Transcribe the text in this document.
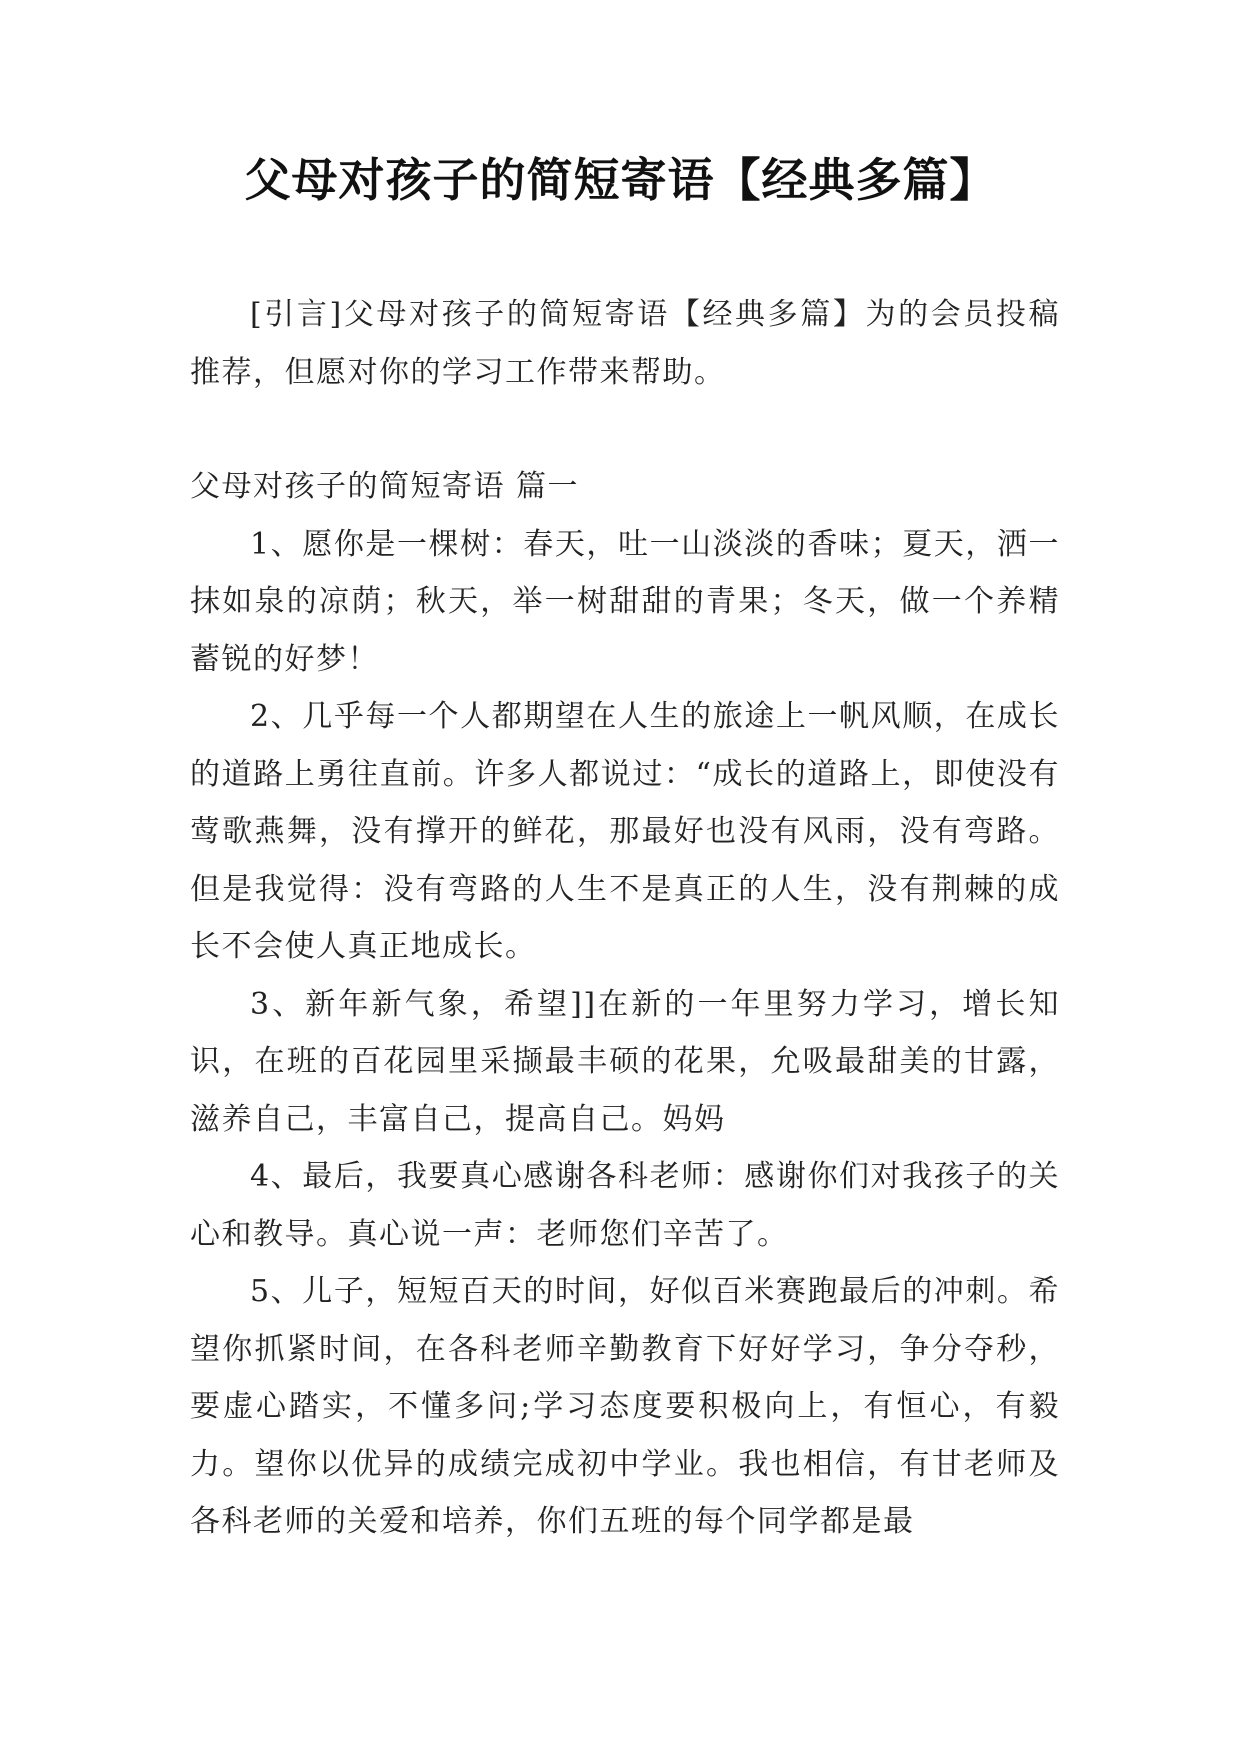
父母对孩子的简短寄语【经典多篇】

[引言]父母对孩子的简短寄语【经典多篇】为的会员投稿推荐，但愿对你的学习工作带来帮助。

父母对孩子的简短寄语 篇一

1、愿你是一棵树：春天，吐一山淡淡的香味；夏天，洒一抹如泉的凉荫；秋天，举一树甜甜的青果；冬天，做一个养精蓄锐的好梦！

2、几乎每一个人都期望在人生的旅途上一帆风顺，在成长的道路上勇往直前。许多人都说过：“成长的道路上，即使没有莺歌燕舞，没有撑开的鲜花，那最好也没有风雨，没有弯路。但是我觉得：没有弯路的人生不是真正的人生，没有荆棘的成长不会使人真正地成长。

3、新年新气象，希望]]在新的一年里努力学习，增长知识，在班的百花园里采撷最丰硕的花果，允吸最甜美的甘露，滋养自己，丰富自己，提高自己。妈妈

4、最后，我要真心感谢各科老师：感谢你们对我孩子的关心和教导。真心说一声：老师您们辛苦了。

5、儿子，短短百天的时间，好似百米赛跑最后的冲刺。希望你抓紧时间，在各科老师辛勤教育下好好学习，争分夺秒，要虚心踏实，不懂多问;学习态度要积极向上，有恒心，有毅力。望你以优异的成绩完成初中学业。我也相信，有甘老师及各科老师的关爱和培养，你们五班的每个同学都是最
